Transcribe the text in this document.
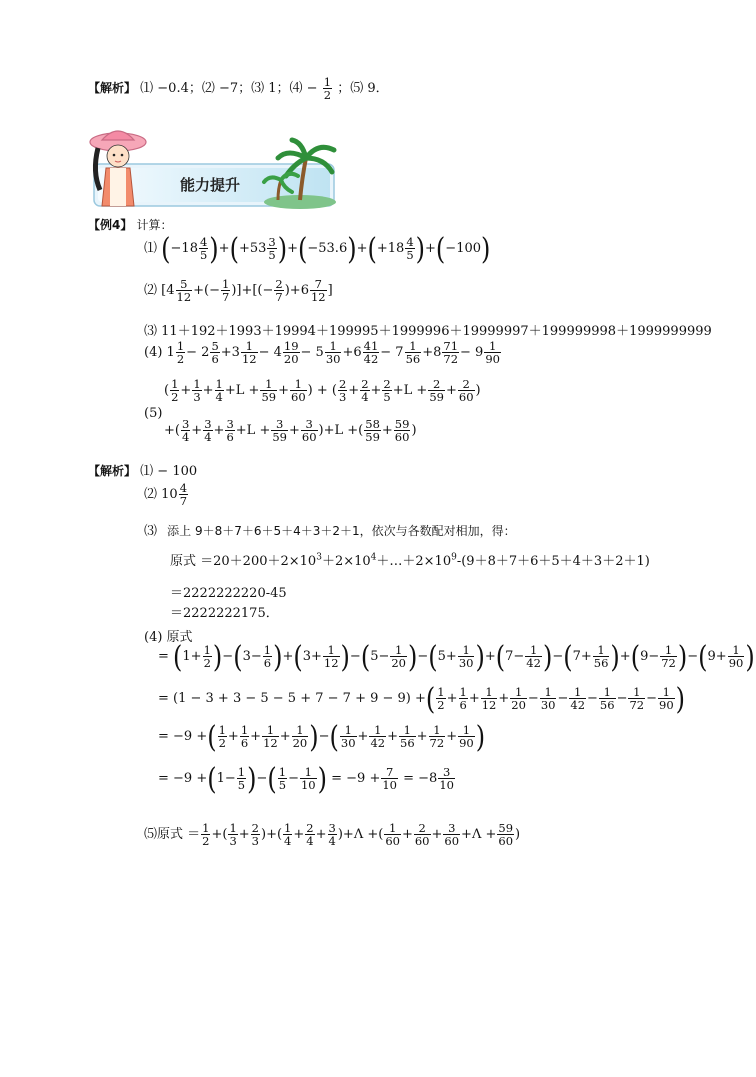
【解析】 ⑴ −0.4；⑵ −7；⑶ 1；⑷ − $\frac{1}{2}$ ；⑸ 9．
能力提升
【例4】 计算：
⑴ $(-18 \frac{4}{5} )+(+53 \frac{3}{5} )+(-53.6)+(+18 \frac{4}{5} )+(-100)$
⑵ [$4 \frac{5}{12}$ +(− $\frac{1}{7}$ )]+[(− $\frac{2}{7} )+6 \frac{7}{12}$ ]
⑶ 11＋192＋1993＋19994＋199995＋1999996＋19999997＋199999998＋1999999999
(4) $1 \frac{1}{2} - 2 \frac{5}{6} +3 \frac{1}{12} - 4 \frac{19}{20} - 5 \frac{1}{30} +6 \frac{41}{42} - 7 \frac{1}{56} +8 \frac{71}{72} - 9 \frac{1}{90}$
(5)
( $\frac{1}{2} + \frac{1}{3} + \frac{1}{4} +L + \frac{1}{59} + \frac{1}{60}$ ) + ( $\frac{2}{3} + \frac{2}{4} + \frac{2}{5} +L + \frac{2}{59} + \frac{2}{60}$ )
+( $\frac{3}{4} + \frac{3}{4} + \frac{3}{6} +L + \frac{3}{59} + \frac{3}{60} )+L$ +( $\frac{58}{59} + \frac{59}{60}$ )
【解析】 ⑴ − 100
⑵ $10 \frac{4}{7}$
⑶ 添上 9＋8＋7＋6＋5＋4＋3＋2＋1，依次与各数配对相加，得：
原式 $=20+200+2\times 10^3+2\times 10^4+\dots+2\times 10^9-(9+8+7+6+5+4+3+2+1)$
＝2222222220-45
＝2222222175．
(4) 原式
= $(1+ \frac{1}{2} )-(3- \frac{1}{6} )+(3+ \frac{1}{12} )-(5- \frac{1}{20} )-(5+ \frac{1}{30} )+(7- \frac{1}{42} )-(7+ \frac{1}{56} )+(9- \frac{1}{72} )-(9+ \frac{1}{90}$ )
= (1 − 3 + 3 − 5 − 5 + 7 − 7 + 9 − 9) +( $\frac{1}{2} + \frac{1}{6} + \frac{1}{12} + \frac{1}{20} - \frac{1}{30} - \frac{1}{42} - \frac{1}{56} - \frac{1}{72} - \frac{1}{90}$ )
= −9 +( $\frac{1}{2} + \frac{1}{6} + \frac{1}{12} + \frac{1}{20}$ )−( $\frac{1}{30} + \frac{1}{42} + \frac{1}{56} + \frac{1}{72} + \frac{1}{90}$ )
= $-9 +(1- \frac{1}{5}$ )−( $\frac{1}{5} - \frac{1}{10}$ ) = $-9 + \frac{7}{10} = -8 \frac{3}{10}$
⑸原式 ＝ $\frac{1}{2}$ +( $\frac{1}{3} + \frac{2}{3}$ )+( $\frac{1}{4} + \frac{2}{4} + \frac{3}{4} )+\Lambda$ +( $\frac{1}{60} + \frac{2}{60} + \frac{3}{60} +\Lambda + \frac{59}{60}$ )
